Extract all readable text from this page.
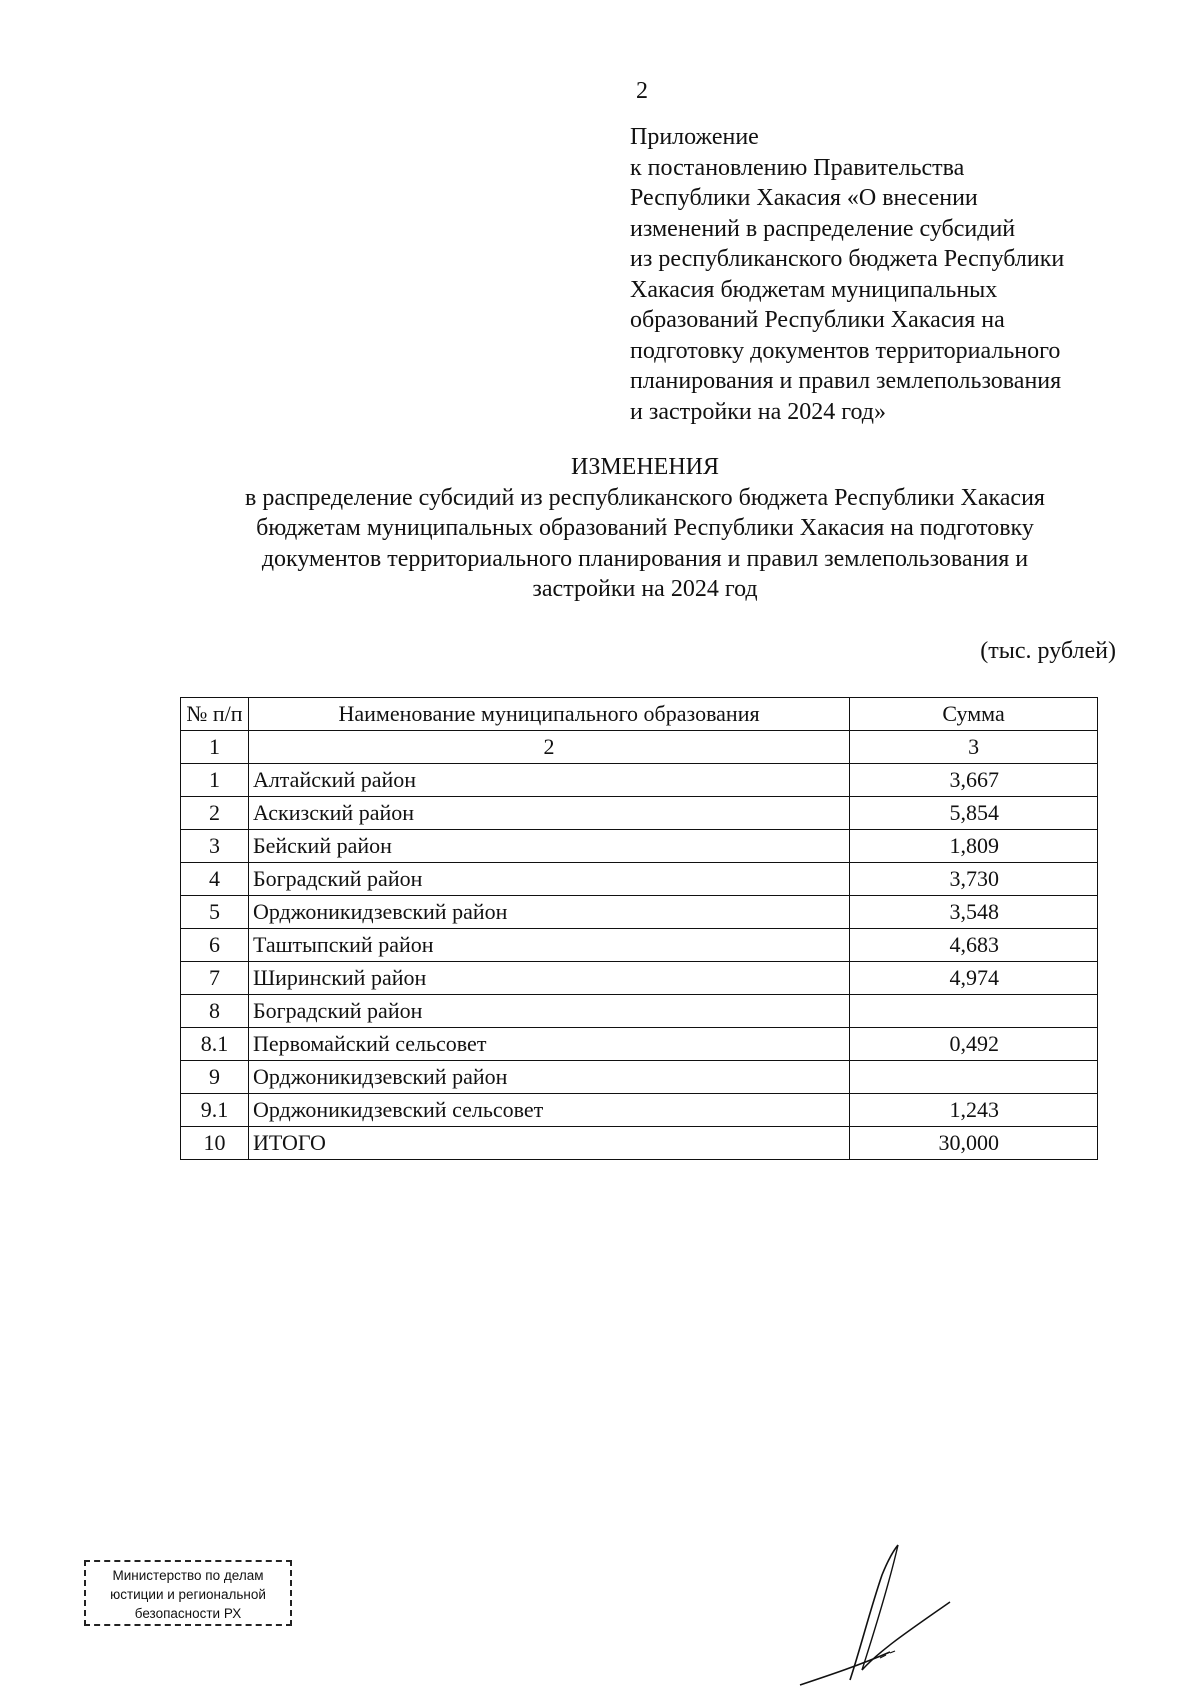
2
Приложение
к постановлению Правительства
Республики Хакасия «О внесении
изменений в распределение субсидий
из республиканского бюджета Республики
Хакасия бюджетам муниципальных
образований Республики Хакасия на
подготовку документов территориального
планирования и правил землепользования
и застройки на 2024 год»
ИЗМЕНЕНИЯ
в распределение субсидий из республиканского бюджета Республики Хакасия
бюджетам муниципальных образований Республики Хакасия на подготовку
документов территориального планирования и правил землепользования и
застройки на 2024 год
(тыс. рублей)
№ п/п	Наименование муниципального образования	Сумма
1	2	3
1	Алтайский район	3,667
2	Аскизский район	5,854
3	Бейский район	1,809
4	Боградский район	3,730
5	Орджоникидзевский район	3,548
6	Таштыпский район	4,683
7	Ширинский район	4,974
8	Боградский район	
8.1	Первомайский сельсовет	0,492
9	Орджоникидзевский район	
9.1	Орджоникидзевский сельсовет	1,243
10	ИТОГО	30,000
Министерство по делам
юстиции и региональной
безопасности РХ
